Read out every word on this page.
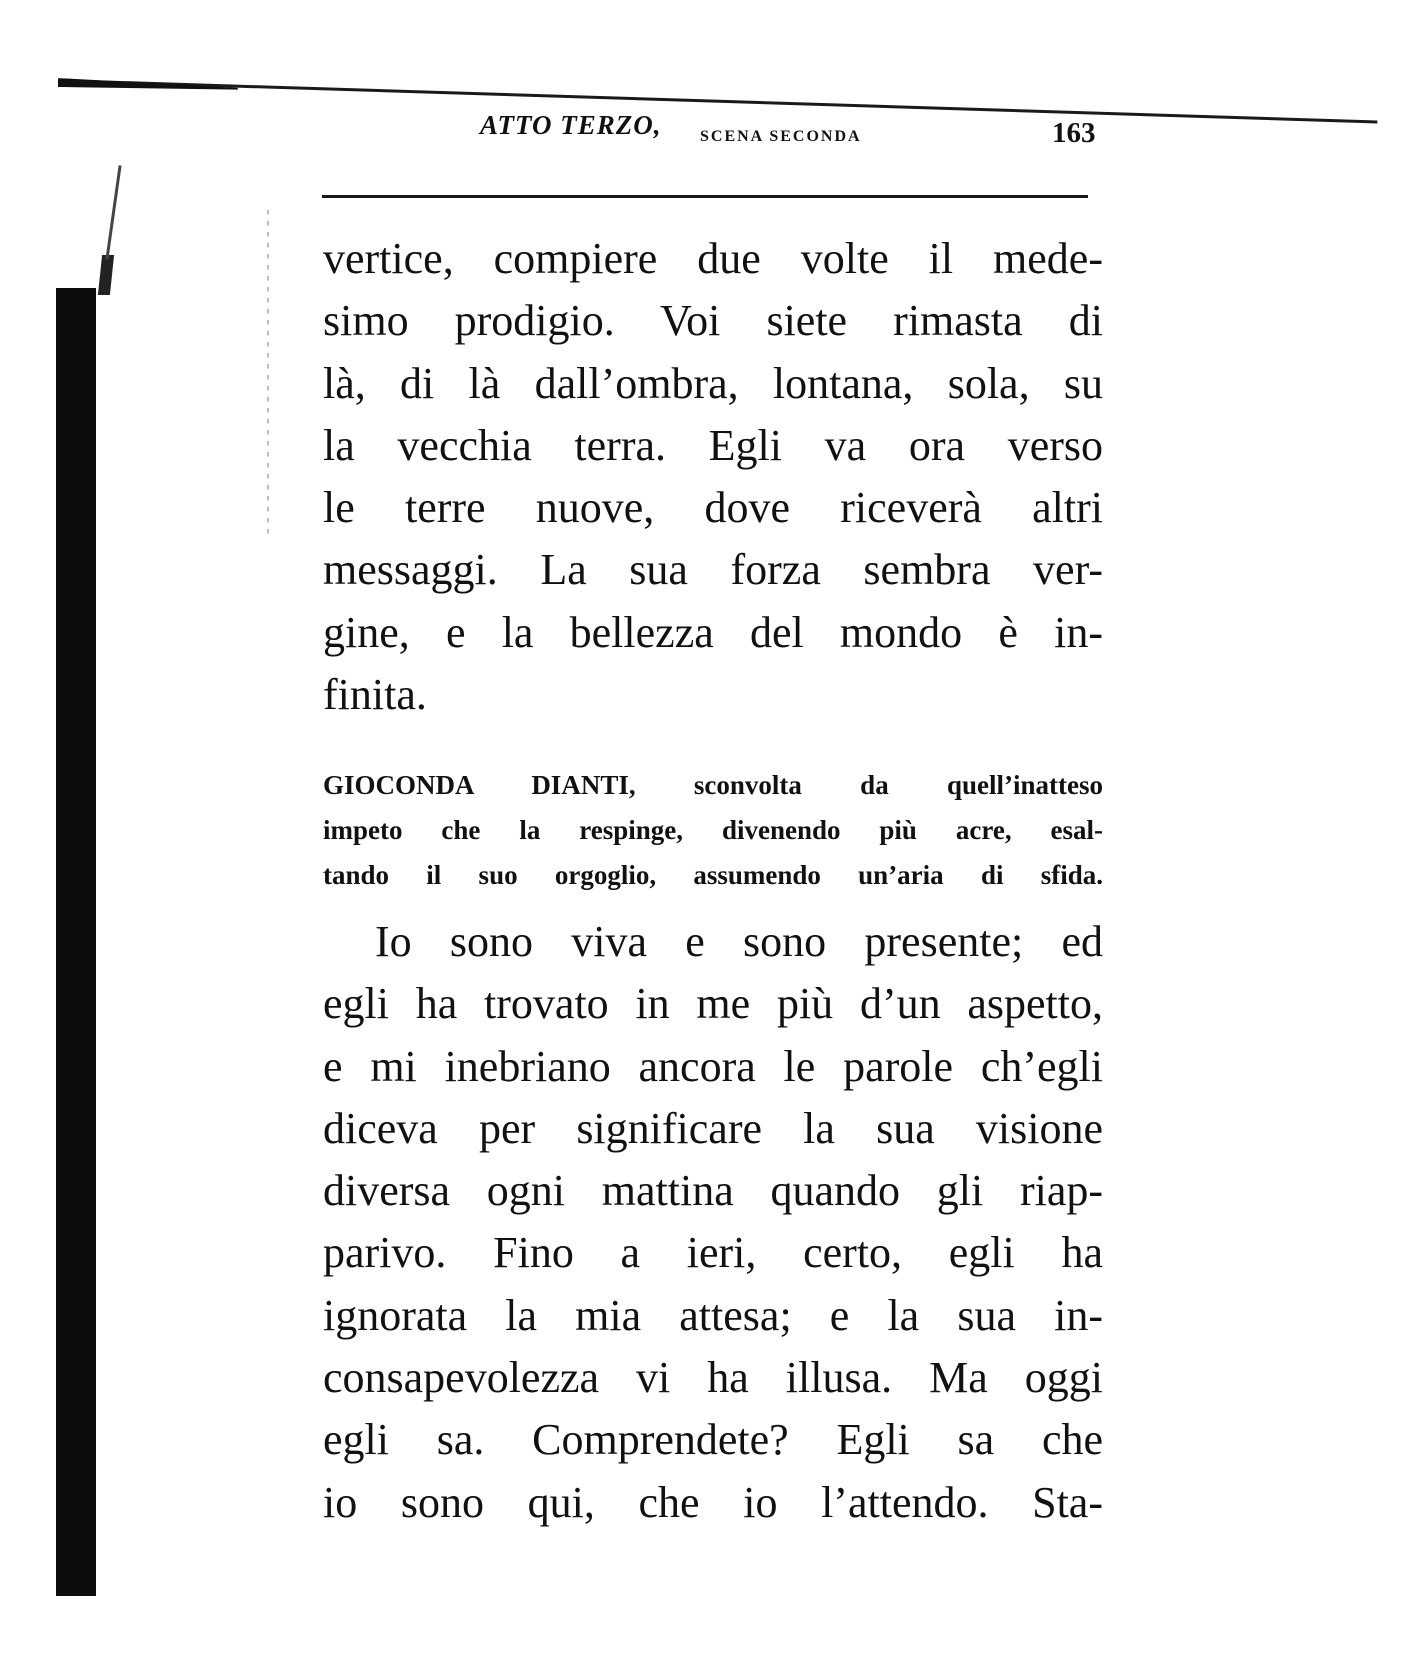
ATTO TERZO, SCENA SECONDA	163
vertice, compiere due volte il mede-
simo prodigio. Voi siete rimasta di
là, di là dall’ombra, lontana, sola, su
la vecchia terra. Egli va ora verso
le terre nuove, dove riceverà altri
messaggi. La sua forza sembra ver-
gine, e la bellezza del mondo è in-
finita.
GIOCONDA DIANTI, sconvolta da quell’inatteso
impeto che la respinge, divenendo più acre, esal-
tando il suo orgoglio, assumendo un’aria di sfida.
Io sono viva e sono presente; ed
egli ha trovato in me più d’un aspetto,
e mi inebriano ancora le parole ch’egli
diceva per significare la sua visione
diversa ogni mattina quando gli riap-
parivo. Fino a ieri, certo, egli ha
ignorata la mia attesa; e la sua in-
consapevolezza vi ha illusa. Ma oggi
egli sa. Comprendete? Egli sa che
io sono qui, che io l’attendo. Sta-
